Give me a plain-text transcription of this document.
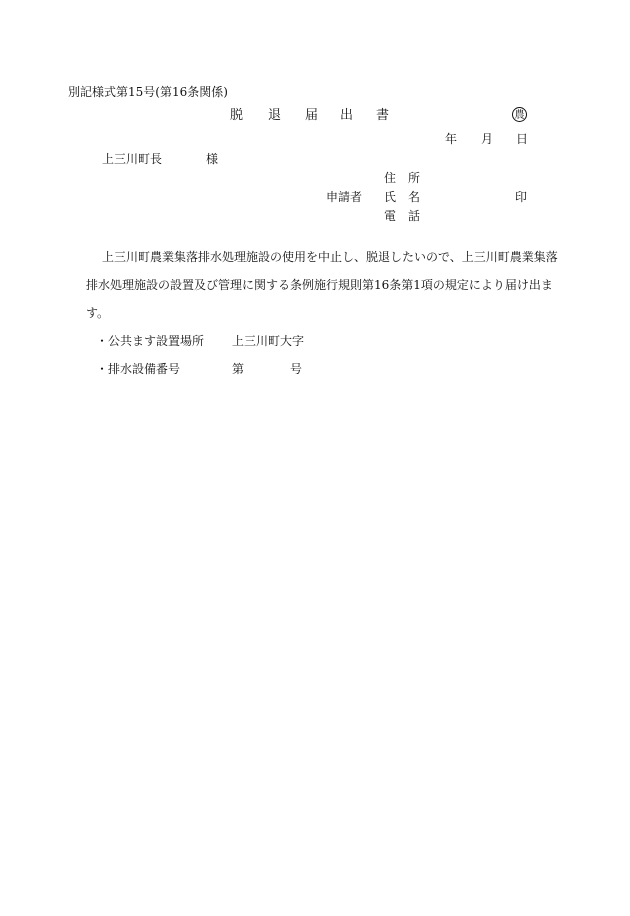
別記様式第15号(第16条関係)
脱 退 届 出 書	農
年 月 日
上三川町長	様
住 所
申請者 氏 名	印
電 話
上三川町農業集落排水処理施設の使用を中止し、脱退したいので、上三川町農業集落
排水処理施設の設置及び管理に関する条例施行規則第16条第1項の規定により届け出ま
す。
・公共ます設置場所 上三川町大字
・排水設備番号	第	号
